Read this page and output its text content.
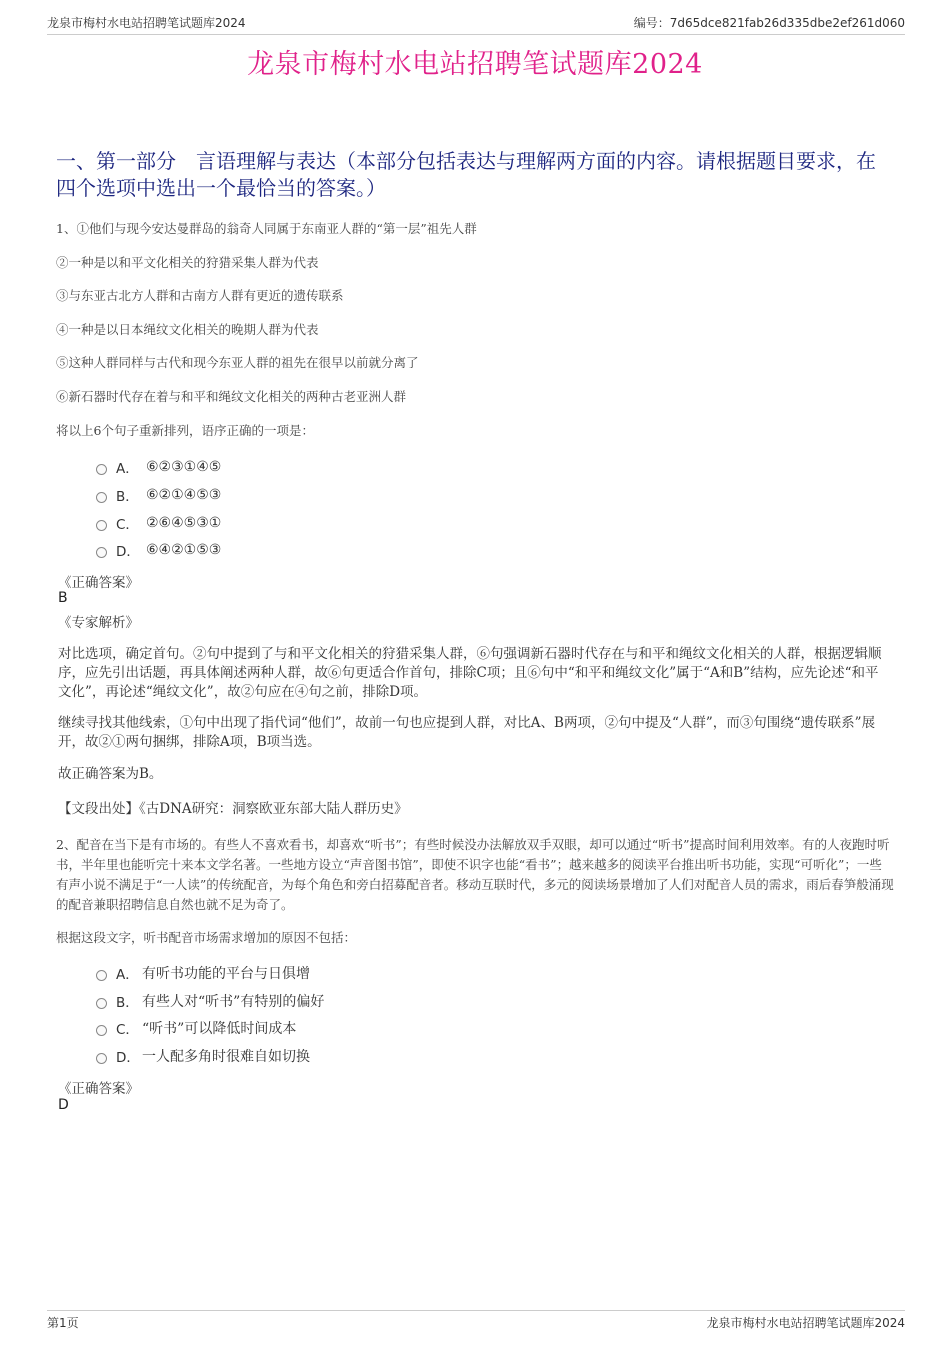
龙泉市梅村水电站招聘笔试题库2024	编号：7d65dce821fab26d335dbe2ef261d060
龙泉市梅村水电站招聘笔试题库2024
一、第一部分　言语理解与表达（本部分包括表达与理解两方面的内容。请根据题目要求，在四个选项中选出一个最恰当的答案。）
1、①他们与现今安达曼群岛的翁奇人同属于东南亚人群的“第一层”祖先人群
②一种是以和平文化相关的狩猎采集人群为代表
③与东亚古北方人群和古南方人群有更近的遗传联系
④一种是以日本绳纹文化相关的晚期人群为代表
⑤这种人群同样与古代和现今东亚人群的祖先在很早以前就分离了
⑥新石器时代存在着与和平和绳纹文化相关的两种古老亚洲人群
将以上6个句子重新排列，语序正确的一项是：
A． ⑥②③①④⑤
B． ⑥②①④⑤③
C． ②⑥④⑤③①
D． ⑥④②①⑤③
《正确答案》
B
《专家解析》
对比选项，确定首句。②句中提到了与和平文化相关的狩猎采集人群，⑥句强调新石器时代存在与和平和绳纹文化相关的人群，根据逻辑顺序，应先引出话题，再具体阐述两种人群，故⑥句更适合作首句，排除C项；且⑥句中“和平和绳纹文化”属于“A和B”结构，应先论述“和平文化”，再论述“绳纹文化”，故②句应在④句之前，排除D项。
继续寻找其他线索，①句中出现了指代词“他们”，故前一句也应提到人群，对比A、B两项，②句中提及“人群”，而③句围绕“遗传联系”展开，故②①两句捆绑，排除A项，B项当选。
故正确答案为B。
【文段出处】《古DNA研究：洞察欧亚东部大陆人群历史》
2、配音在当下是有市场的。有些人不喜欢看书，却喜欢“听书”；有些时候没办法解放双手双眼，却可以通过“听书”提高时间利用效率。有的人夜跑时听书，半年里也能听完十来本文学名著。一些地方设立“声音图书馆”，即使不识字也能“看书”；越来越多的阅读平台推出听书功能，实现“可听化”；一些有声小说不满足于“一人读”的传统配音，为每个角色和旁白招募配音者。移动互联时代，多元的阅读场景增加了人们对配音人员的需求，雨后春笋般涌现的配音兼职招聘信息自然也就不足为奇了。
根据这段文字，听书配音市场需求增加的原因不包括：
A． 有听书功能的平台与日俱增
B． 有些人对“听书”有特别的偏好
C． “听书”可以降低时间成本
D． 一人配多角时很难自如切换
《正确答案》
D
第1页	龙泉市梅村水电站招聘笔试题库2024
